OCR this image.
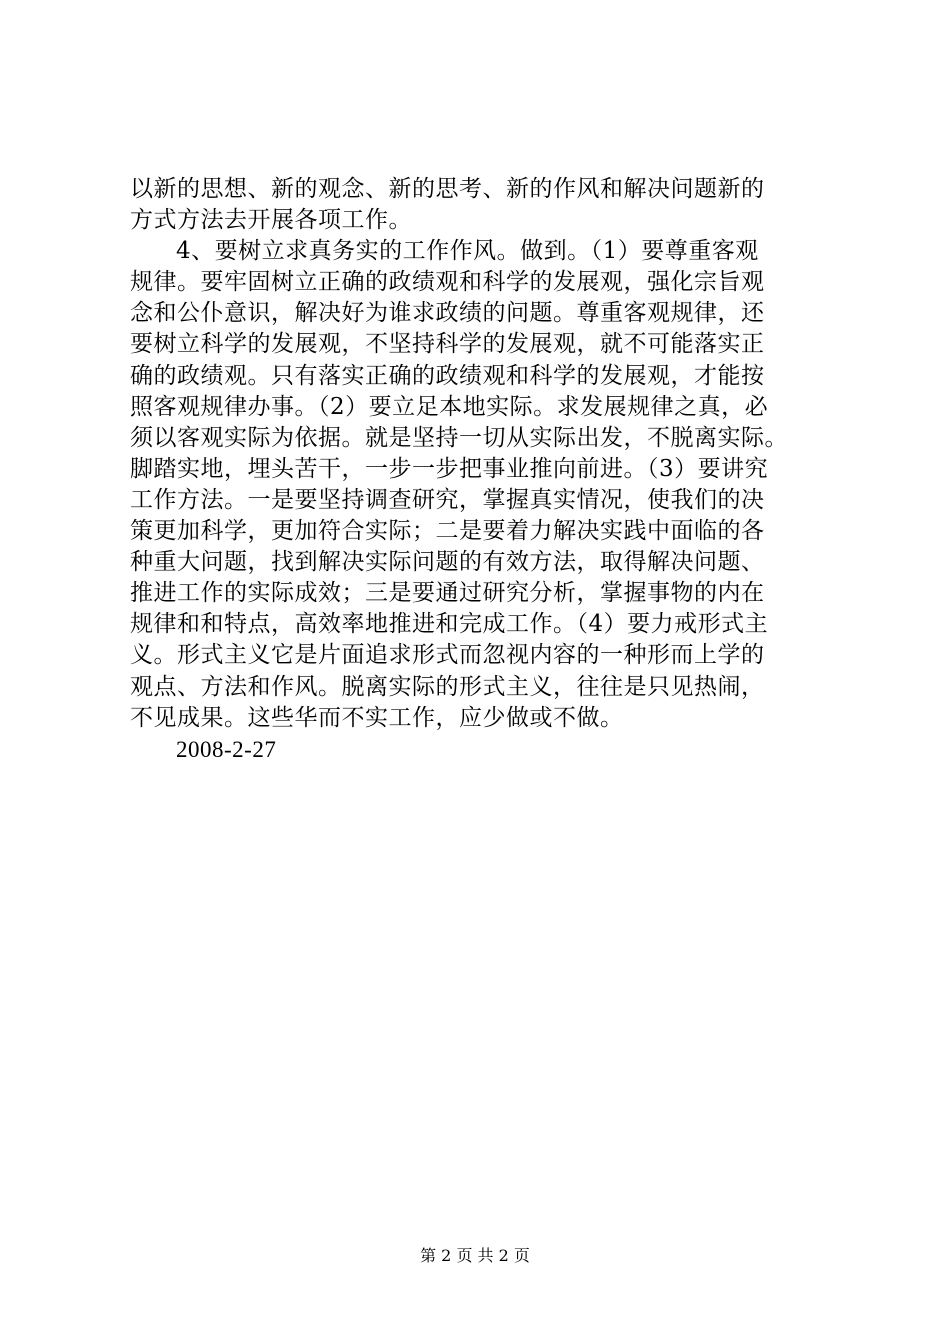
以新的思想、新的观念、新的思考、新的作风和解决问题新的
方式方法去开展各项工作。
4、要树立求真务实的工作作风。做到。（1）要尊重客观
规律。要牢固树立正确的政绩观和科学的发展观，强化宗旨观
念和公仆意识，解决好为谁求政绩的问题。尊重客观规律，还
要树立科学的发展观，不坚持科学的发展观，就不可能落实正
确的政绩观。只有落实正确的政绩观和科学的发展观，才能按
照客观规律办事。（2）要立足本地实际。求发展规律之真，必
须以客观实际为依据。就是坚持一切从实际出发，不脱离实际。
脚踏实地，埋头苦干，一步一步把事业推向前进。（3）要讲究
工作方法。一是要坚持调查研究，掌握真实情况，使我们的决
策更加科学，更加符合实际；二是要着力解决实践中面临的各
种重大问题，找到解决实际问题的有效方法，取得解决问题、
推进工作的实际成效；三是要通过研究分析，掌握事物的内在
规律和和特点，高效率地推进和完成工作。（4）要力戒形式主
义。形式主义它是片面追求形式而忽视内容的一种形而上学的
观点、方法和作风。脱离实际的形式主义，往往是只见热闹，
不见成果。这些华而不实工作，应少做或不做。
2008-2-27
第 2 页 共 2 页
